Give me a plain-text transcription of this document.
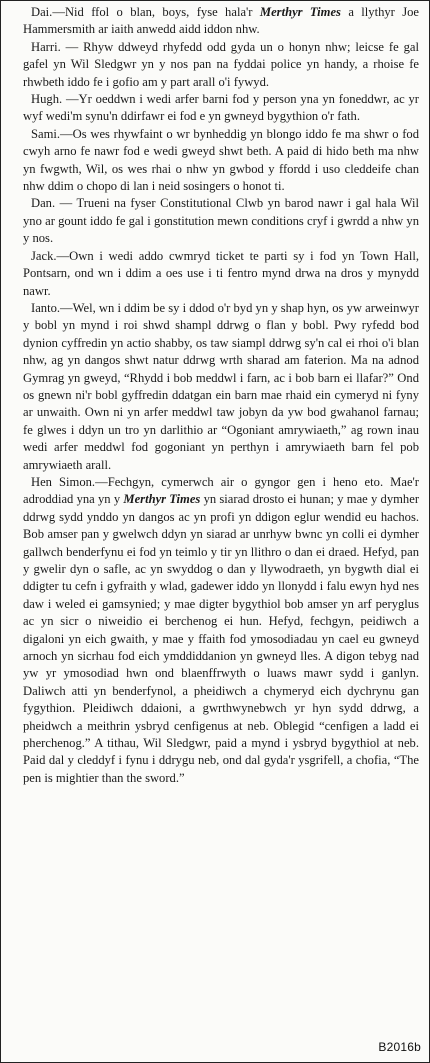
Dai.—Nid ffol o blan, boys, fyse hala'r Merthyr Times a llythyr Joe Hammersmith ar iaith anwedd aidd iddon nhw.

Harri. — Rhyw ddweyd rhyfedd odd gyda un o honyn nhw; leicse fe gal gafel yn Wil Sledgwr yn y nos pan na fyddai police yn handy, a rhoise fe rhwbeth iddo fe i gofio am y part arall o'i fywyd.

Hugh. —Yr oeddwn i wedi arfer barni fod y person yna yn foneddwr, ac yr wyf wedi'm synu'n ddirfawr ei fod e yn gwneyd bygythion o'r fath.

Sami.—Os wes rhywfaint o wr bynheddig yn blongo iddo fe ma shwr o fod cwyh arno fe nawr fod e wedi gweyd shwt beth. A paid di hido beth ma nhw yn fwgwth, Wil, os wes rhai o nhw yn gwbod y ffordd i uso cleddeife chan nhw ddim o chopo di lan i neid sosingers o honot ti.

Dan. — Trueni na fyser Constitutional Clwb yn barod nawr i gal hala Wil yno ar gount iddo fe gal i gonstitution mewn conditions cryf i gwrdd a nhw yn y nos.

Jack.—Own i wedi addo cwmryd ticket te parti sy i fod yn Town Hall, Pontsarn, ond wn i ddim a oes use i ti fentro mynd drwa na dros y mynydd nawr.

Ianto.—Wel, wn i ddim be sy i ddod o'r byd yn y shap hyn, os yw arweinwyr y bobl yn mynd i roi shwd shampl ddrwg o flan y bobl. Pwy ryfedd bod dynion cyffredin yn actio shabby, os taw siampl ddrwg sy'n cal ei rhoi o'i blan nhw, ag yn dangos shwt natur ddrwg wrth sharad am faterion. Ma na adnod Gymrag yn gweyd, “Rhydd i bob meddwl i farn, ac i bob barn ei llafar?” Ond os gnewn ni'r bobl gyffredin ddatgan ein barn mae rhaid ein cymeryd ni fyny ar unwaith. Own ni yn arfer meddwl taw jobyn da yw bod gwahanol farnau; fe glwes i ddyn un tro yn darlithio ar “Ogoniant amrywiaeth,” ag rown inau wedi arfer meddwl fod gogoniant yn perthyn i amrywiaeth barn fel pob amrywiaeth arall.

Hen Simon.—Fechgyn, cymerwch air o gyngor gen i heno eto. Mae'r adroddiad yna yn y Merthyr Times yn siarad drosto ei hunan; y mae y dymher ddrwg sydd ynddo yn dangos ac yn profi yn ddigon eglur wendid eu hachos. Bob amser pan y gwelwch ddyn yn siarad ar unrhyw bwnc yn colli ei dymher gallwch benderfynu ei fod yn teimlo y tir yn llithro o dan ei draed. Hefyd, pan y gwelir dyn o safle, ac yn swyddog o dan y llywodraeth, yn bygwth dial ei ddigter tu cefn i gyfraith y wlad, gadewer iddo yn llonydd i falu ewyn hyd nes daw i weled ei gamsynied; y mae digter bygythiol bob amser yn arf peryglus ac yn sicr o niweidio ei berchenog ei hun. Hefyd, fechgyn, peidiwch a digaloni yn eich gwaith, y mae y ffaith fod ymosodiadau yn cael eu gwneyd arnoch yn sicrhau fod eich ymddiddanion yn gwneyd lles. A digon tebyg nad yw yr ymosodiad hwn ond blaenffrwyth o luaws mawr sydd i ganlyn. Daliwch atti yn benderfynol, a pheidiwch a chymeryd eich dychrynu gan fygythion. Pleidiwch ddaioni, a gwrthwynebwch yr hyn sydd ddrwg, a pheidwch a meithrin ysbryd cenfigenus at neb. Oblegid “cenfigen a ladd ei pherchenog.” A tithau, Wil Sledgwr, paid a mynd i ysbryd bygythiol at neb. Paid dal y cleddyf i fynu i ddrygu neb, ond dal gyda'r ysgrifell, a chofia, “The pen is mightier than the sword.”

B2016b
